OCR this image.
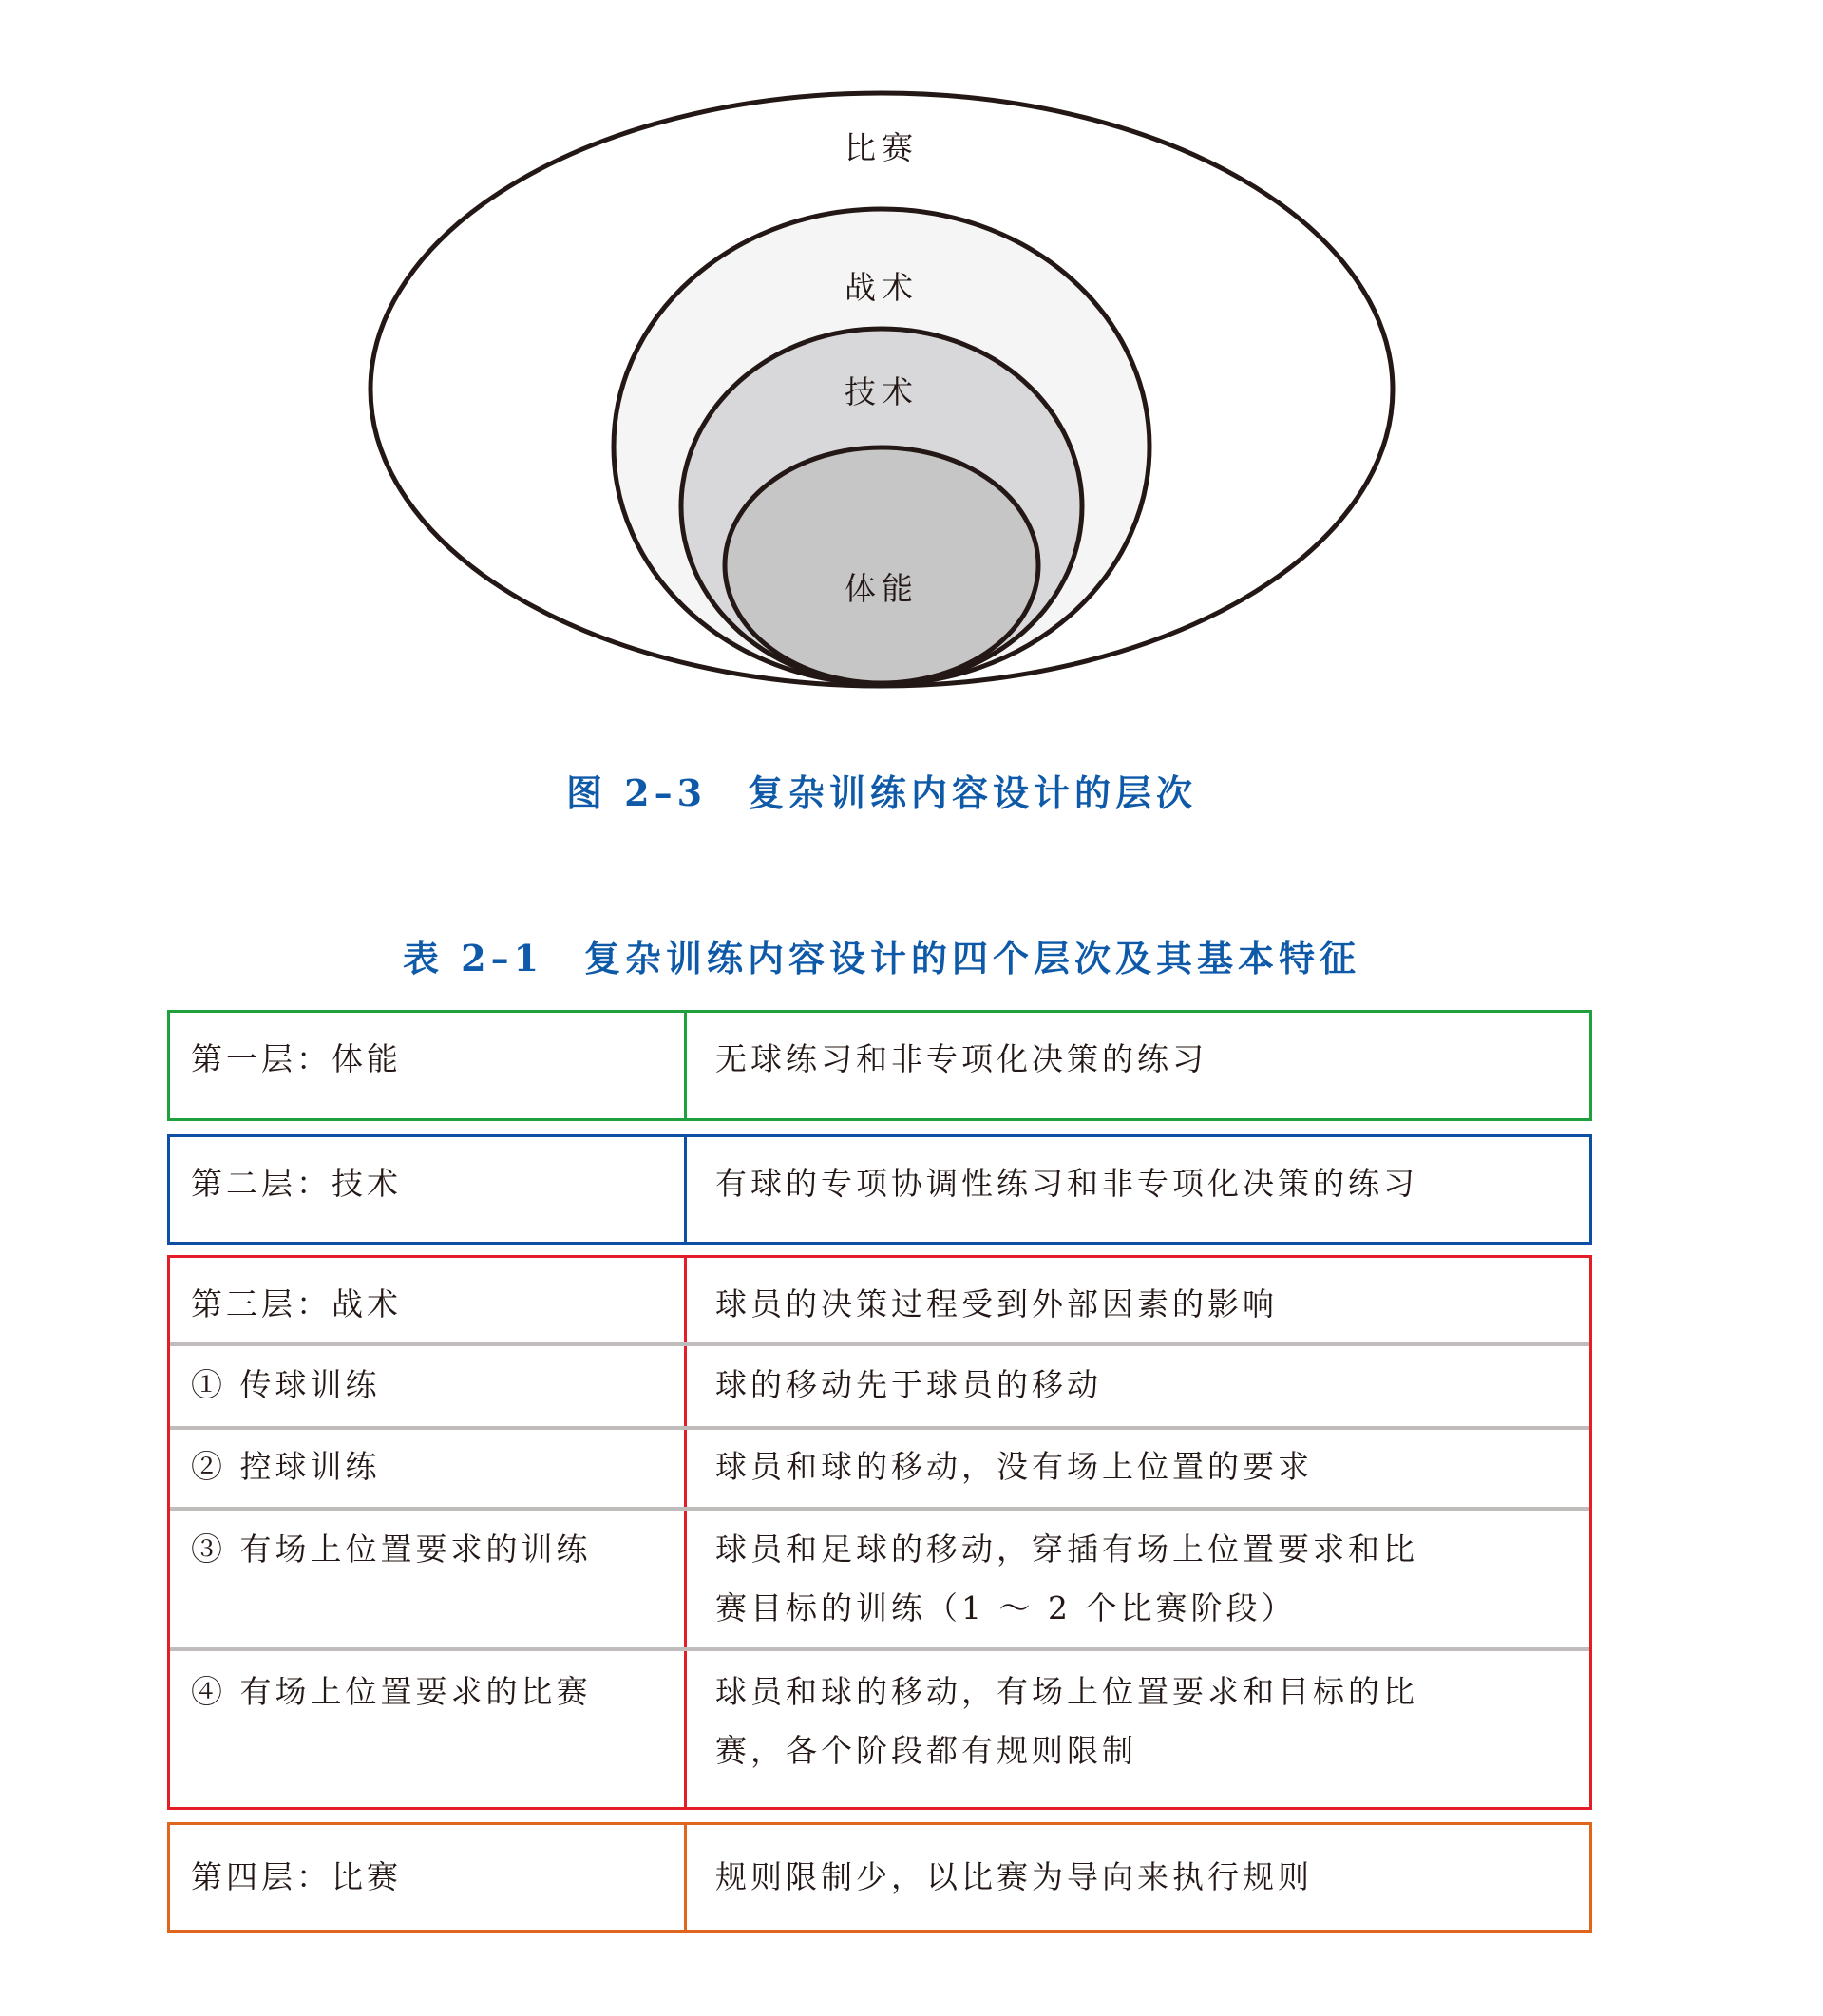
比赛
战术
技术
体能
图 2–3　复杂训练内容设计的层次
表 2–1　复杂训练内容设计的四个层次及其基本特征
第一层：体能	无球练习和非专项化决策的练习
第二层：技术	有球的专项协调性练习和非专项化决策的练习
第三层：战术	球员的决策过程受到外部因素的影响
① 传球训练	球的移动先于球员的移动
② 控球训练	球员和球的移动，没有场上位置的要求
③ 有场上位置要求的训练	球员和足球的移动，穿插有场上位置要求和比赛目标的训练（1 ～ 2 个比赛阶段）
④ 有场上位置要求的比赛	球员和球的移动，有场上位置要求和目标的比赛，各个阶段都有规则限制
第四层：比赛	规则限制少，以比赛为导向来执行规则
